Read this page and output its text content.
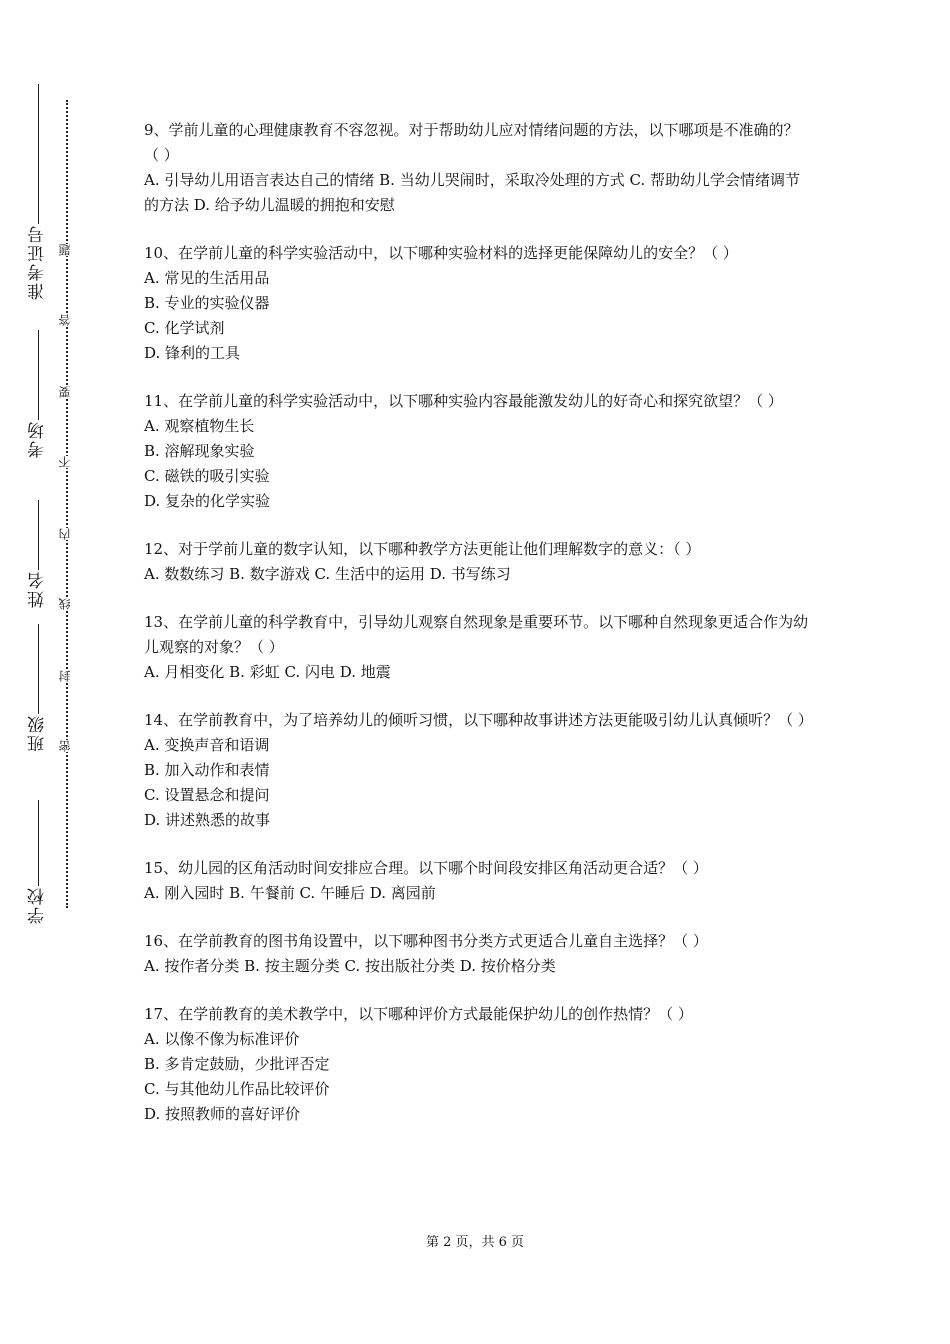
准考证号
考场
姓名
班级
学校
题
答
要
不
内
线
封
密

9、学前儿童的心理健康教育不容忽视。对于帮助幼儿应对情绪问题的方法，以下哪项是不准确的？（ ）

A. 引导幼儿用语言表达自己的情绪 B. 当幼儿哭闹时，采取冷处理的方式 C. 帮助幼儿学会情绪调节的方法 D. 给予幼儿温暖的拥抱和安慰

10、在学前儿童的科学实验活动中，以下哪种实验材料的选择更能保障幼儿的安全？（ ）

A. 常见的生活用品

B. 专业的实验仪器

C. 化学试剂

D. 锋利的工具

11、在学前儿童的科学实验活动中，以下哪种实验内容最能激发幼儿的好奇心和探究欲望？（ ）

A. 观察植物生长

B. 溶解现象实验

C. 磁铁的吸引实验

D. 复杂的化学实验

12、对于学前儿童的数字认知，以下哪种教学方法更能让他们理解数字的意义：（ ）

A. 数数练习 B. 数字游戏 C. 生活中的运用 D. 书写练习

13、在学前儿童的科学教育中，引导幼儿观察自然现象是重要环节。以下哪种自然现象更适合作为幼儿观察的对象？（ ）

A. 月相变化 B. 彩虹 C. 闪电 D. 地震

14、在学前教育中，为了培养幼儿的倾听习惯，以下哪种故事讲述方法更能吸引幼儿认真倾听？（ ）

A. 变换声音和语调

B. 加入动作和表情

C. 设置悬念和提问

D. 讲述熟悉的故事

15、幼儿园的区角活动时间安排应合理。以下哪个时间段安排区角活动更合适？（ ）

A. 刚入园时 B. 午餐前 C. 午睡后 D. 离园前

16、在学前教育的图书角设置中，以下哪种图书分类方式更适合儿童自主选择？（ ）

A. 按作者分类 B. 按主题分类 C. 按出版社分类 D. 按价格分类

17、在学前教育的美术教学中，以下哪种评价方式最能保护幼儿的创作热情？（ ）

A. 以像不像为标准评价

B. 多肯定鼓励，少批评否定

C. 与其他幼儿作品比较评价

D. 按照教师的喜好评价

第 2 页，共 6 页
